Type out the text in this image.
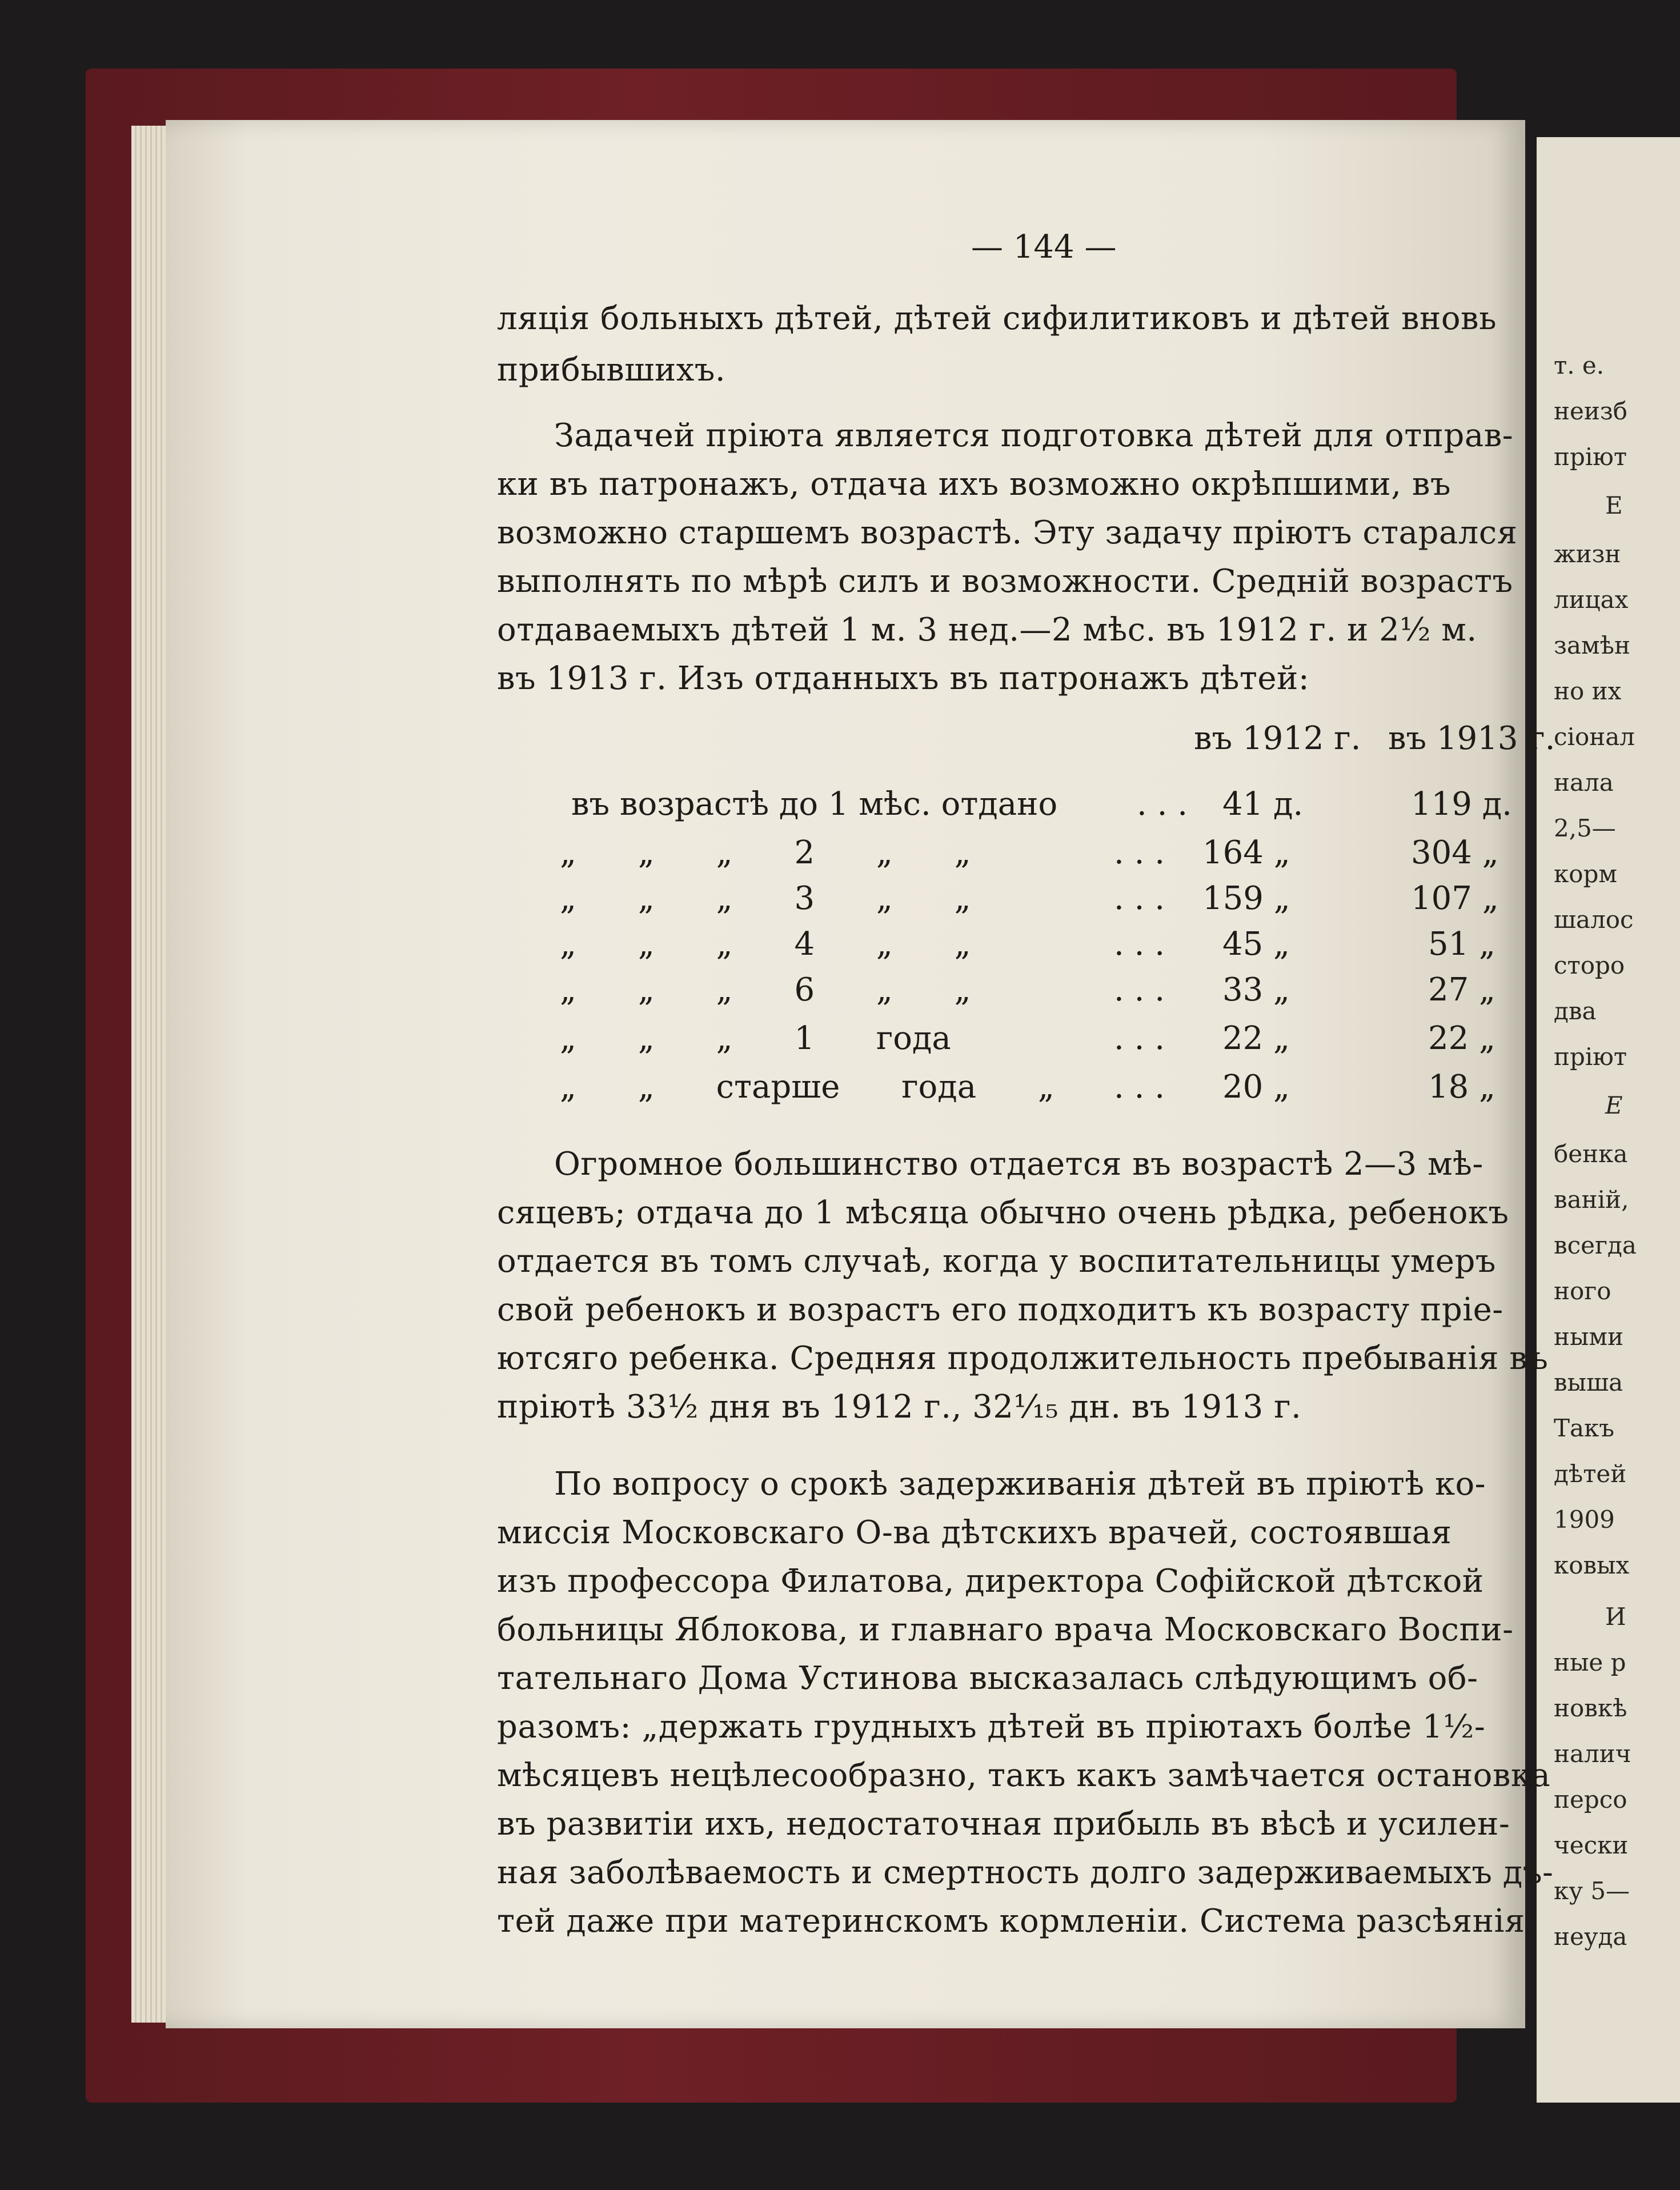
т. е.
неизб
пріют
Е
жизн
лицах
замѣн
но их
сіонал
нала
2,5—
корм
шалос
сторо
два
пріют
Е
бенка
ваній,
всегда
ного
ными
выша
Такъ
дѣтей
1909
ковых
И
ные р
новкѣ
налич
персо
чески
ку 5—
неуда
— 144 —
ляція больныхъ дѣтей, дѣтей сифилитиковъ и дѣтей вновь
прибывшихъ.
Задачей пріюта является подготовка дѣтей для отправ-
ки въ патронажъ, отдача ихъ возможно окрѣпшими, въ
возможно старшемъ возрастѣ. Эту задачу пріютъ старался
выполнять по мѣрѣ силъ и возможности. Средній возрастъ
отдаваемыхъ дѣтей 1 м. 3 нед.—2 мѣс. въ 1912 г. и 2½ м.
въ 1913 г. Изъ отданныхъ въ патронажъ дѣтей:
въ 1912 г. въ 1913 г.
въ возрастѣ до 1 мѣс. отдано . . . 41 д.	119 д.
„ „ „ 2 „ „	. . . 164 „	304 „
„ „ „ 3 „ „	. . . 159 „	107 „
„ „ „ 4 „ „	. . . 45 „	51 „
„ „ „ 6 „ „	. . . 33 „	27 „
„ „ „ 1 года	. . . 22 „	22 „
„ „ старше года „ . . . 20 „	18 „
Огромное большинство отдается въ возрастѣ 2—3 мѣ-
сяцевъ; отдача до 1 мѣсяца обычно очень рѣдка, ребенокъ
отдается въ томъ случаѣ, когда у воспитательницы умеръ
свой ребенокъ и возрастъ его подходитъ къ возрасту пріе-
ютсяго ребенка. Средняя продолжительность пребыванія въ
пріютѣ 33½ дня въ 1912 г., 32¹⁄₁₅ дн. въ 1913 г.
По вопросу о срокѣ задерживанія дѣтей въ пріютѣ ко-
миссія Московскаго О-ва дѣтскихъ врачей, состоявшая
изъ профессора Филатова, директора Софійской дѣтской
больницы Яблокова, и главнаго врача Московскаго Воспи-
тательнаго Дома Устинова высказалась слѣдующимъ об-
разомъ: „держать грудныхъ дѣтей въ пріютахъ болѣе 1½-
мѣсяцевъ нецѣлесообразно, такъ какъ замѣчается остановка
въ развитіи ихъ, недостаточная прибыль въ вѣсѣ и усилен-
ная заболѣваемость и смертность долго задерживаемыхъ дѣ-
тей даже при материнскомъ кормленіи. Система разсѣянія
